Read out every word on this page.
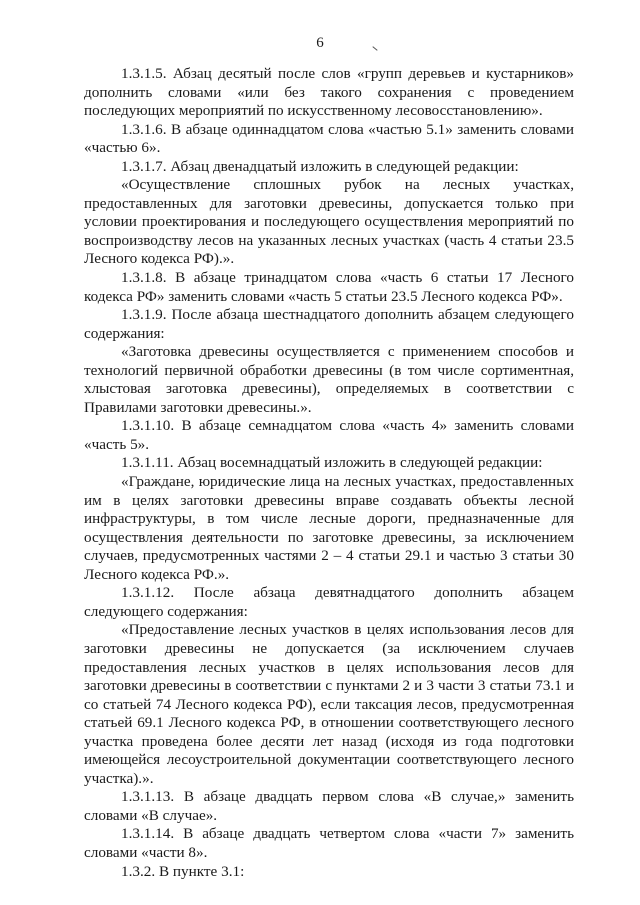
6

1.3.1.5. Абзац десятый после слов «групп деревьев и кустарников» дополнить словами «или без такого сохранения с проведением последующих мероприятий по искусственному лесовосстановлению».

1.3.1.6. В абзаце одиннадцатом слова «частью 5.1» заменить словами «частью 6».

1.3.1.7. Абзац двенадцатый изложить в следующей редакции:

«Осуществление сплошных рубок на лесных участках, предоставленных для заготовки древесины, допускается только при условии проектирования и последующего осуществления мероприятий по воспроизводству лесов на указанных лесных участках (часть 4 статьи 23.5 Лесного кодекса РФ).».

1.3.1.8. В абзаце тринадцатом слова «часть 6 статьи 17 Лесного кодекса РФ» заменить словами «часть 5 статьи 23.5 Лесного кодекса РФ».

1.3.1.9. После абзаца шестнадцатого дополнить абзацем следующего содержания:

«Заготовка древесины осуществляется с применением способов и технологий первичной обработки древесины (в том числе сортиментная, хлыстовая заготовка древесины), определяемых в соответствии с Правилами заготовки древесины.».

1.3.1.10. В абзаце семнадцатом слова «часть 4» заменить словами «часть 5».

1.3.1.11. Абзац восемнадцатый изложить в следующей редакции:

«Граждане, юридические лица на лесных участках, предоставленных им в целях заготовки древесины вправе создавать объекты лесной инфраструктуры, в том числе лесные дороги, предназначенные для осуществления деятельности по заготовке древесины, за исключением случаев, предусмотренных частями 2 – 4 статьи 29.1 и частью 3 статьи 30 Лесного кодекса РФ.».

1.3.1.12. После абзаца девятнадцатого дополнить абзацем следующего содержания:

«Предоставление лесных участков в целях использования лесов для заготовки древесины не допускается (за исключением случаев предоставления лесных участков в целях использования лесов для заготовки древесины в соответствии с пунктами 2 и 3 части 3 статьи 73.1 и со статьей 74 Лесного кодекса РФ), если таксация лесов, предусмотренная статьей 69.1 Лесного кодекса РФ, в отношении соответствующего лесного участка проведена более десяти лет назад (исходя из года подготовки имеющейся лесоустроительной документации соответствующего лесного участка).».

1.3.1.13. В абзаце двадцать первом слова «В случае,» заменить словами «В случае».

1.3.1.14. В абзаце двадцать четвертом слова «части 7» заменить словами «части 8».

1.3.2. В пункте 3.1:
